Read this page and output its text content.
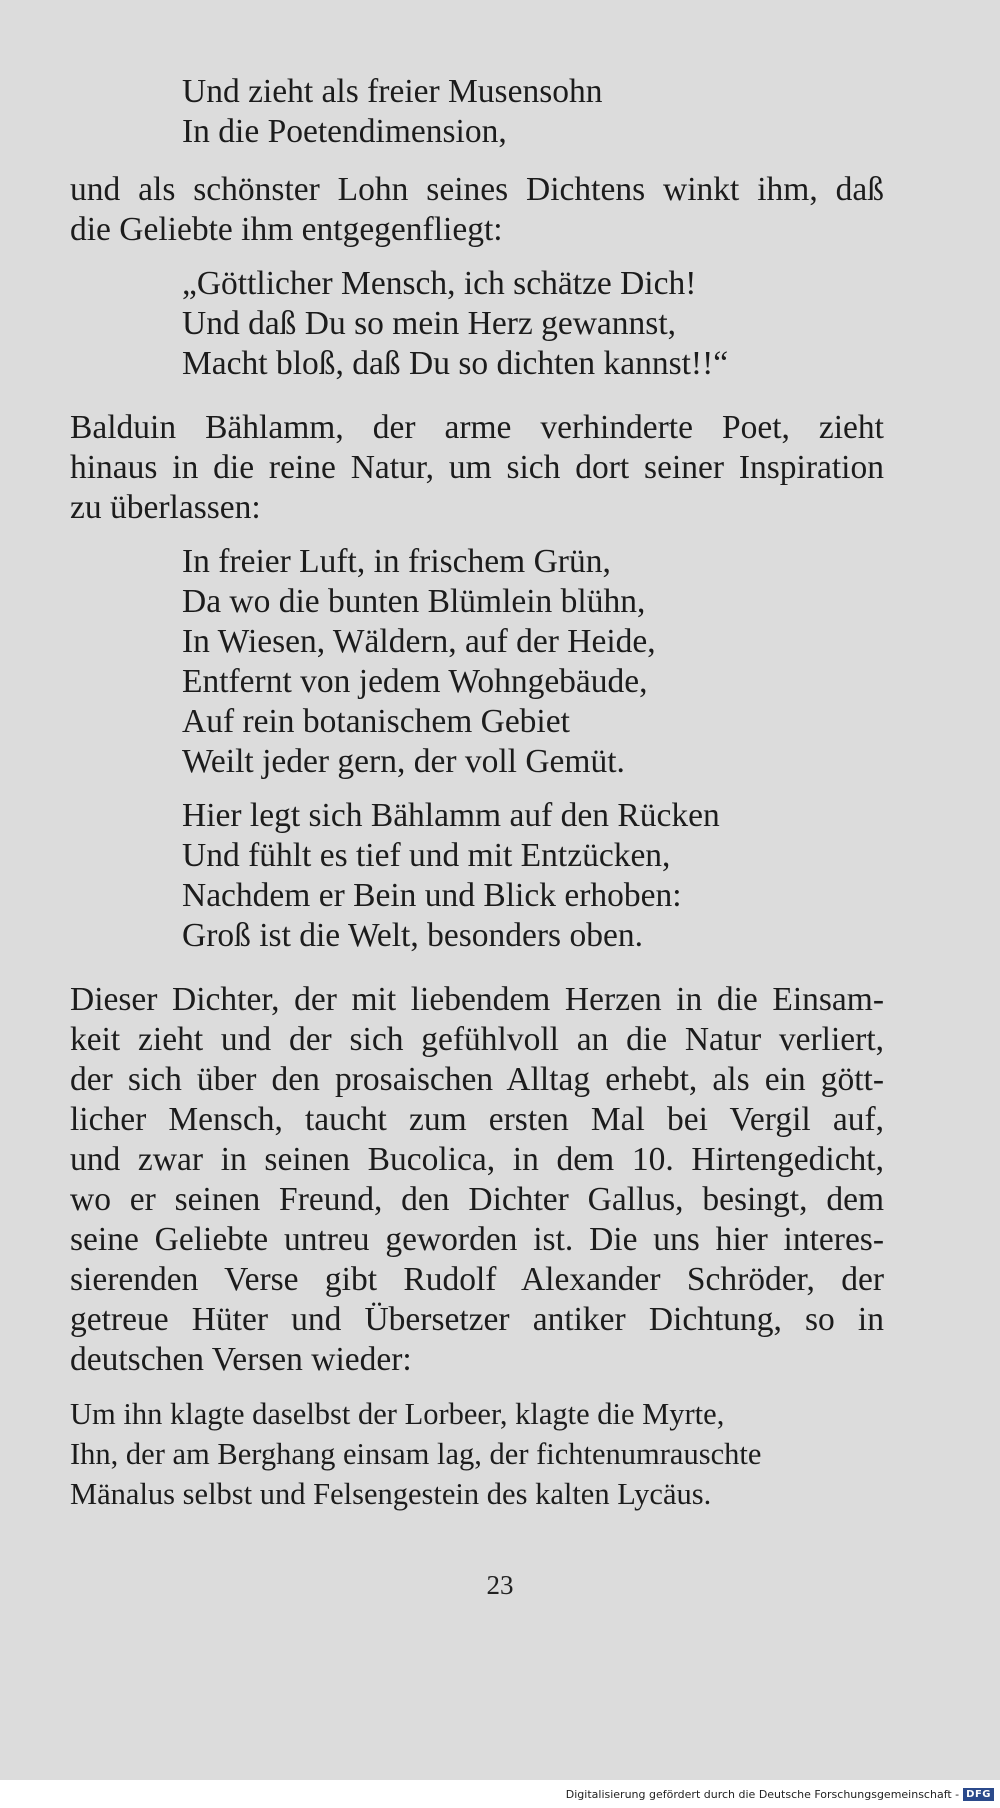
Und zieht als freier Musensohn
In die Poetendimension,
und als schönster Lohn seines Dichtens winkt ihm, daß
die Geliebte ihm entgegenfliegt:
„Göttlicher Mensch, ich schätze Dich!
Und daß Du so mein Herz gewannst,
Macht bloß, daß Du so dichten kannst!!“
Balduin Bählamm, der arme verhinderte Poet, zieht
hinaus in die reine Natur, um sich dort seiner Inspiration
zu überlassen:
In freier Luft, in frischem Grün,
Da wo die bunten Blümlein blühn,
In Wiesen, Wäldern, auf der Heide,
Entfernt von jedem Wohngebäude,
Auf rein botanischem Gebiet
Weilt jeder gern, der voll Gemüt.
Hier legt sich Bählamm auf den Rücken
Und fühlt es tief und mit Entzücken,
Nachdem er Bein und Blick erhoben:
Groß ist die Welt, besonders oben.
Dieser Dichter, der mit liebendem Herzen in die Einsam-
keit zieht und der sich gefühlvoll an die Natur verliert,
der sich über den prosaischen Alltag erhebt, als ein gött-
licher Mensch, taucht zum ersten Mal bei Vergil auf,
und zwar in seinen Bucolica, in dem 10. Hirtengedicht,
wo er seinen Freund, den Dichter Gallus, besingt, dem
seine Geliebte untreu geworden ist. Die uns hier interes-
sierenden Verse gibt Rudolf Alexander Schröder, der
getreue Hüter und Übersetzer antiker Dichtung, so in
deutschen Versen wieder:
Um ihn klagte daselbst der Lorbeer, klagte die Myrte,
Ihn, der am Berghang einsam lag, der fichtenumrauschte
Mänalus selbst und Felsengestein des kalten Lycäus.
23
Digitalisierung gefördert durch die Deutsche Forschungsgemeinschaft - DFG
